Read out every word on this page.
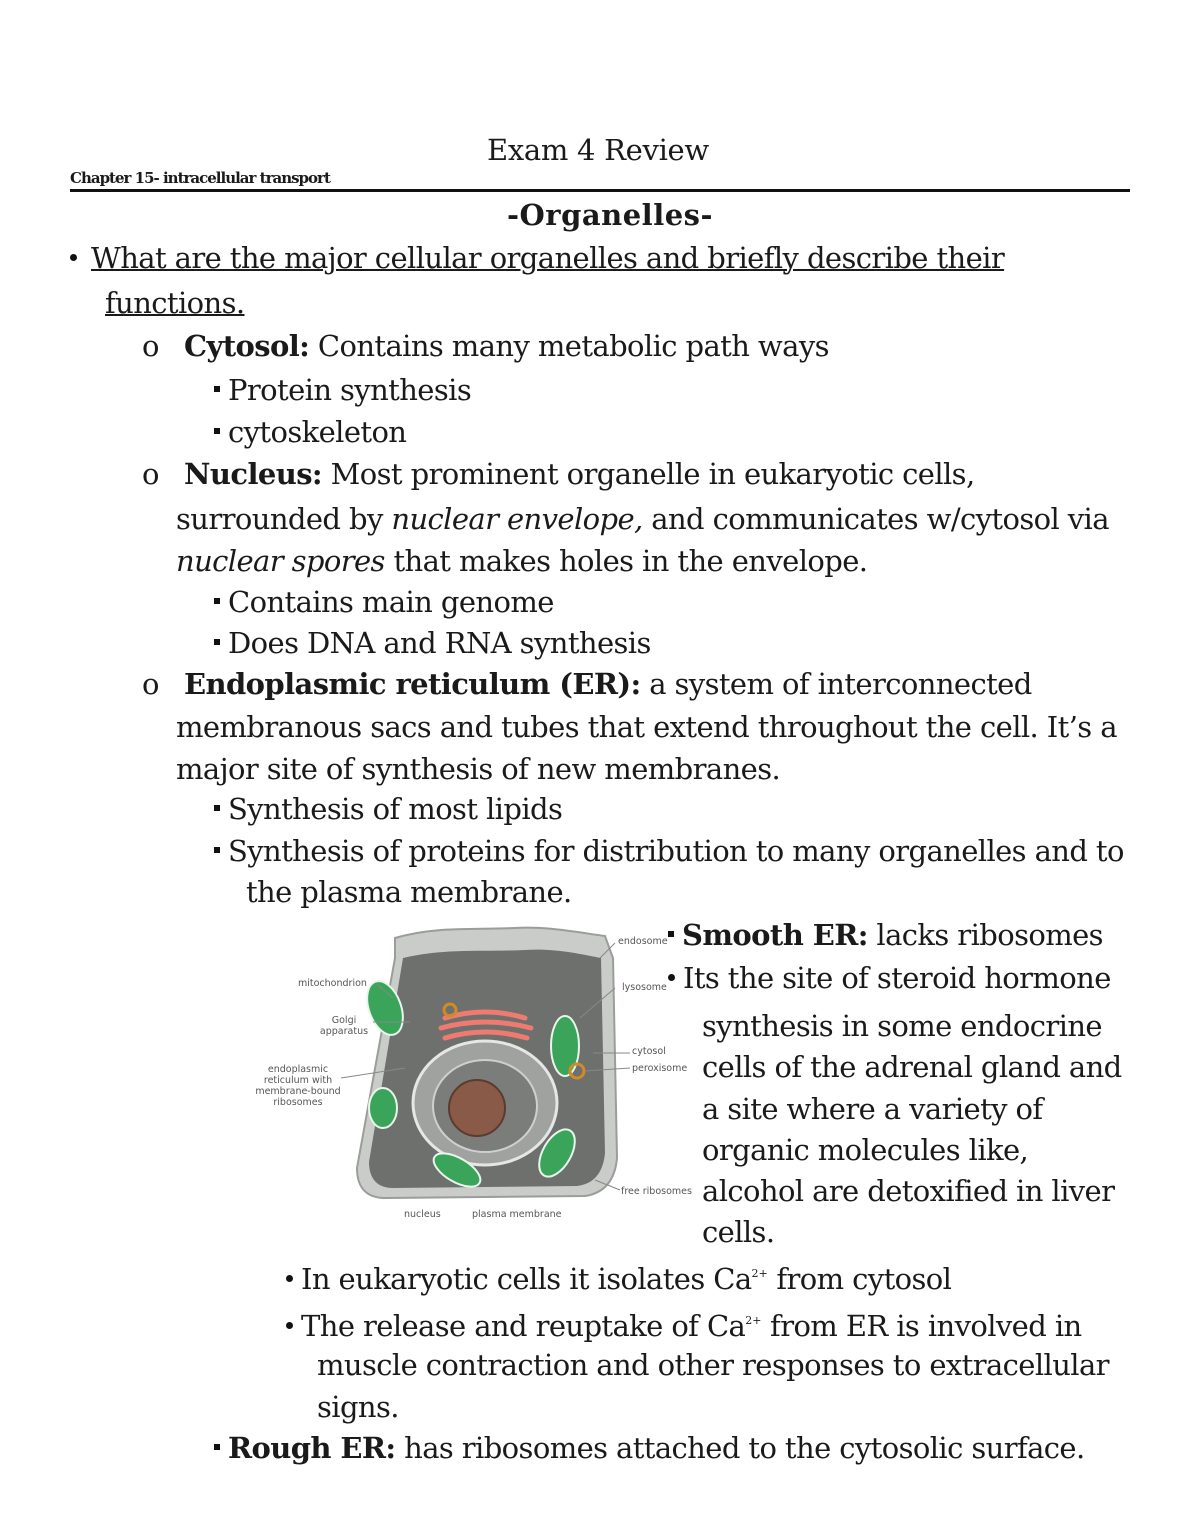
Exam 4 Review
Chapter 15- intracellular transport
-Organelles-
What are the major cellular organelles and briefly describe their
functions.
o Cytosol: Contains many metabolic path ways
Protein synthesis
cytoskeleton
o Nucleus: Most prominent organelle in eukaryotic cells,
surrounded by nuclear envelope, and communicates w/cytosol via
nuclear spores that makes holes in the envelope.
Contains main genome
Does DNA and RNA synthesis
o Endoplasmic reticulum (ER): a system of interconnected
membranous sacs and tubes that extend throughout the cell. It’s a
major site of synthesis of new membranes.
Synthesis of most lipids
Synthesis of proteins for distribution to many organelles and to
the plasma membrane.
mitochondrion
Golgi
apparatus
endoplasmic
reticulum with
membrane-bound
ribosomes
nucleus	plasma membrane
endosome
lysosome
cytosol
peroxisome
free ribosomes
Smooth ER: lacks ribosomes
Its the site of steroid hormone
synthesis in some endocrine
cells of the adrenal gland and
a site where a variety of
organic molecules like,
alcohol are detoxified in liver
cells.
In eukaryotic cells it isolates $Ca^{2+}$ from cytosol
The release and reuptake of $Ca^{2+}$ from ER is involved in
muscle contraction and other responses to extracellular
signs.
Rough ER: has ribosomes attached to the cytosolic surface.
